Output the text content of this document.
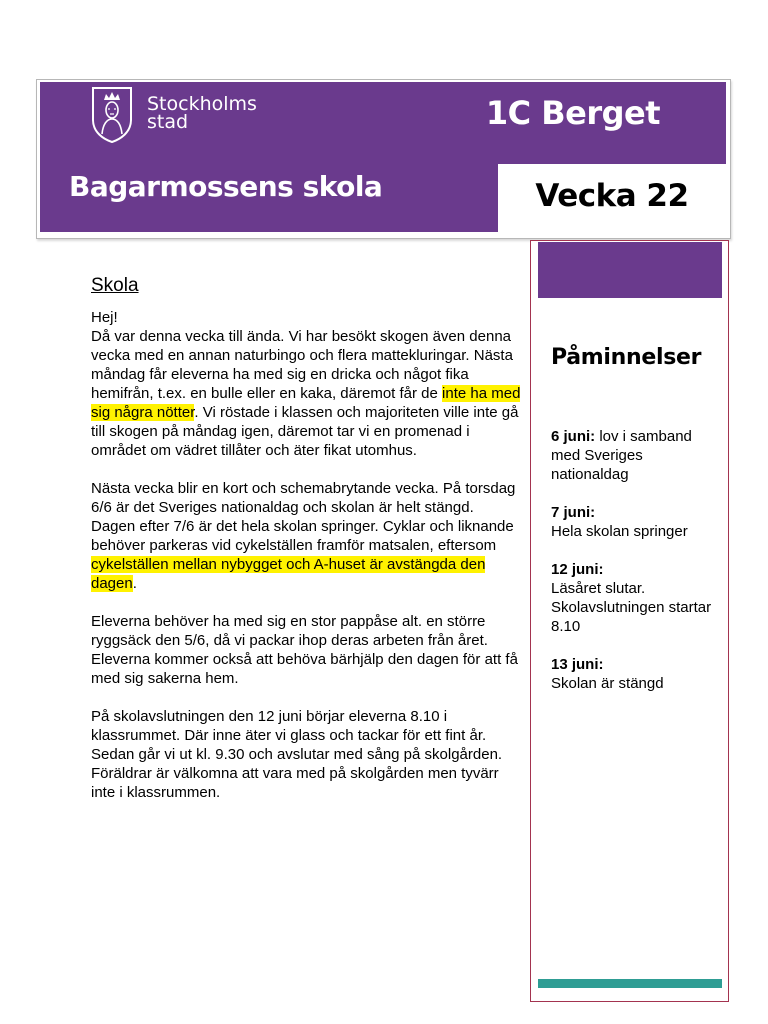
Stockholms
stad	1C Berget
Bagarmossens skola	Vecka 22
Skola
Hej!
Då var denna vecka till ända. Vi har besökt skogen även denna vecka med en annan naturbingo och flera mattekluringar. Nästa måndag får eleverna ha med sig en dricka och något fika hemifrån, t.ex. en bulle eller en kaka, däremot får de inte ha med sig några nötter. Vi röstade i klassen och majoriteten ville inte gå till skogen på måndag igen, däremot tar vi en promenad i området om vädret tillåter och äter fikat utomhus.
Nästa vecka blir en kort och schemabrytande vecka. På torsdag 6/6 är det Sveriges nationaldag och skolan är helt stängd. Dagen efter 7/6 är det hela skolan springer. Cyklar och liknande behöver parkeras vid cykelställen framför matsalen, eftersom cykelställen mellan nybygget och A-huset är avstängda den dagen.
Eleverna behöver ha med sig en stor pappåse alt. en större ryggsäck den 5/6, då vi packar ihop deras arbeten från året. Eleverna kommer också att behöva bärhjälp den dagen för att få med sig sakerna hem.
På skolavslutningen den 12 juni börjar eleverna 8.10 i klassrummet. Där inne äter vi glass och tackar för ett fint år. Sedan går vi ut kl. 9.30 och avslutar med sång på skolgården. Föräldrar är välkomna att vara med på skolgården men tyvärr inte i klassrummen.
Påminnelser
6 juni: lov i samband med Sveriges nationaldag
7 juni:
Hela skolan springer
12 juni:
Läsåret slutar. Skolavslutningen startar 8.10
13 juni:
Skolan är stängd
